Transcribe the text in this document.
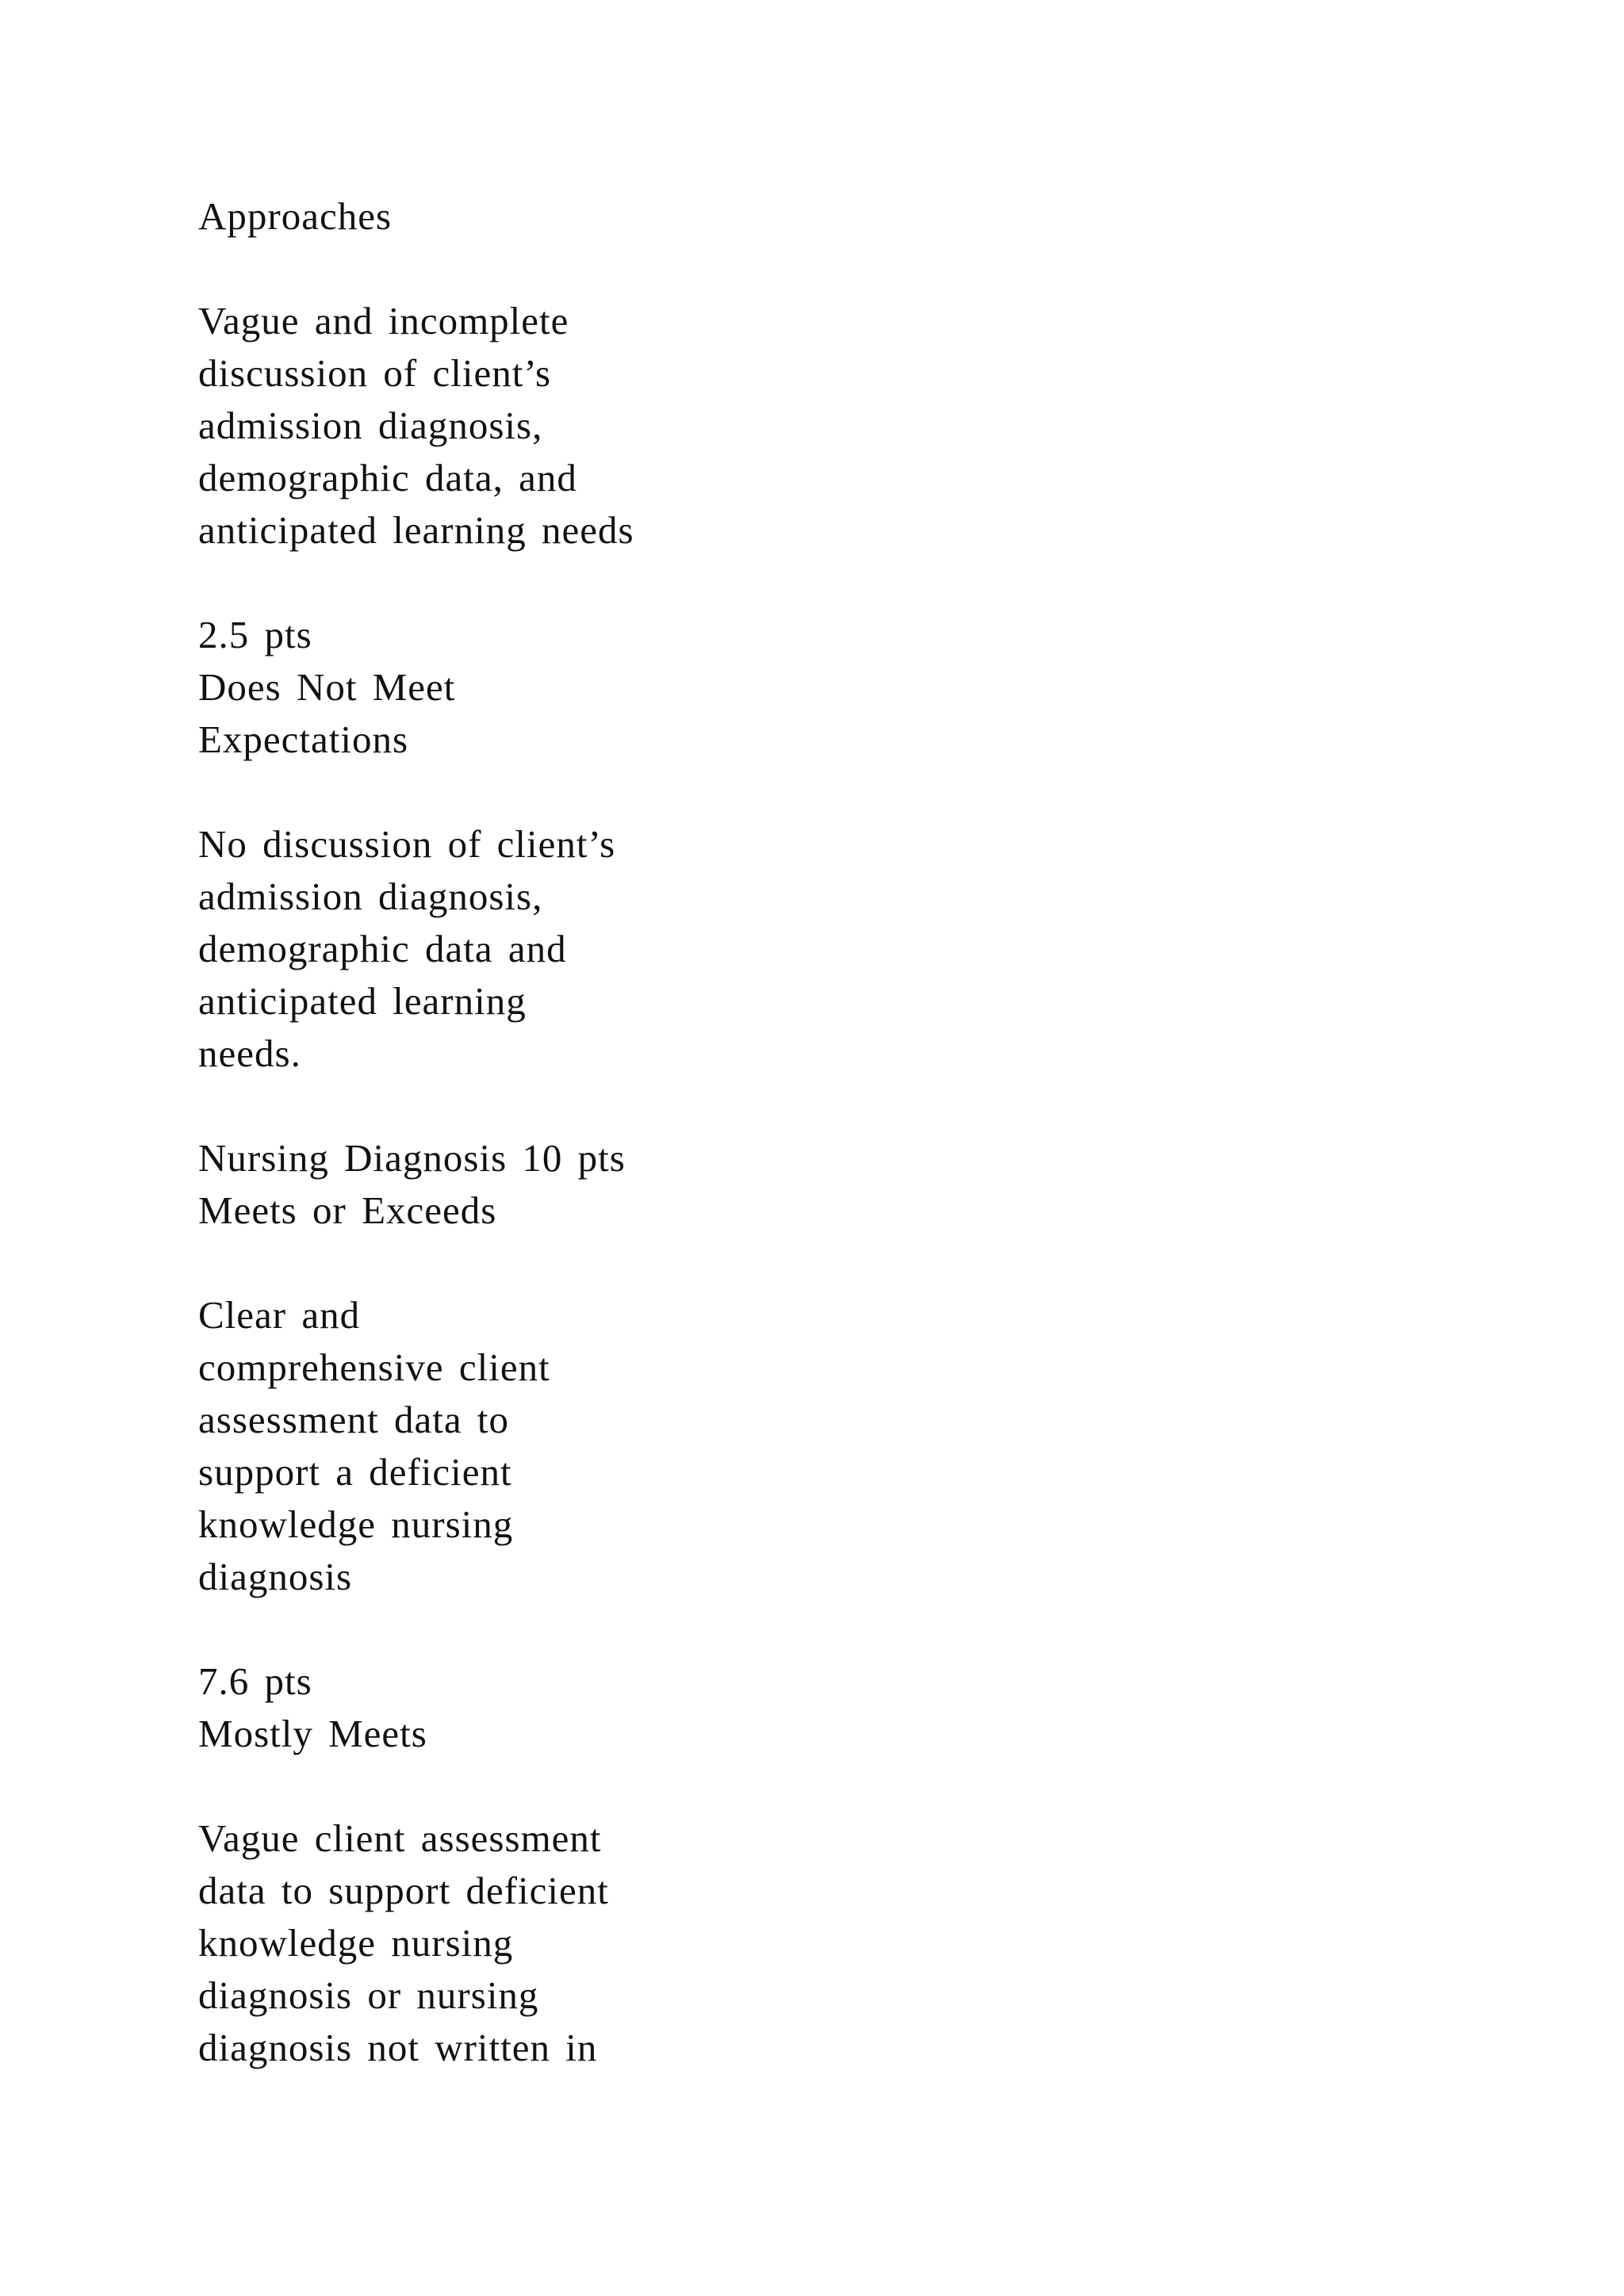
Approaches
Vague and incomplete
discussion of client’s
admission diagnosis,
demographic data, and
anticipated learning needs
2.5 pts
Does Not Meet
Expectations
No discussion of client’s
admission diagnosis,
demographic data and
anticipated learning
needs.
Nursing Diagnosis 10 pts
Meets or Exceeds
Clear and
comprehensive client
assessment data to
support a deficient
knowledge nursing
diagnosis
7.6 pts
Mostly Meets
Vague client assessment
data to support deficient
knowledge nursing
diagnosis or nursing
diagnosis not written in
